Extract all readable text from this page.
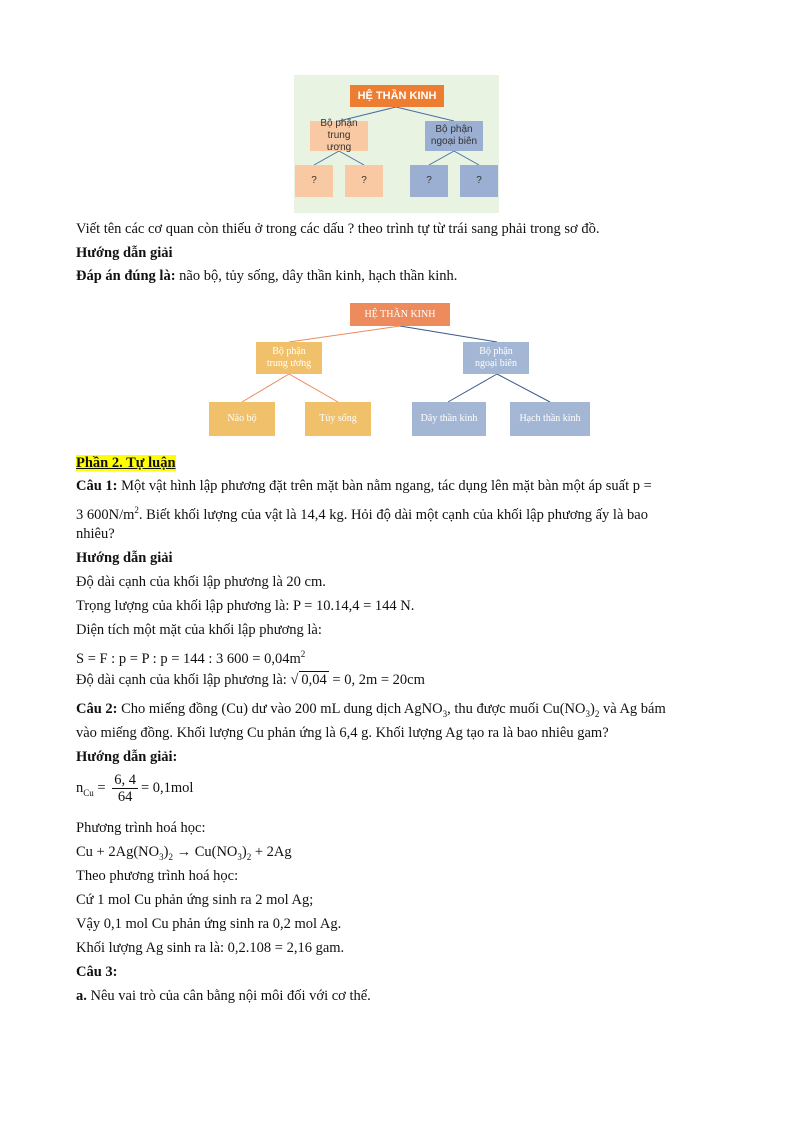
HỆ THẦN KINH
Bộ phận trung ương
Bộ phận ngoại biên
?	?	?	?
Viết tên các cơ quan còn thiếu ở trong các dấu ? theo trình tự từ trái sang phải trong sơ đồ.
Hướng dẫn giải
Đáp án đúng là: não bộ, tủy sống, dây thần kinh, hạch thần kinh.
HỆ THẦN KINH
Bộ phận trung ương
Bộ phận ngoại biên
Não bộ	Tủy sống	Dây thần kinh	Hạch thần kinh
Phần 2. Tự luận
Câu 1: Một vật hình lập phương đặt trên mặt bàn nằm ngang, tác dụng lên mặt bàn một áp suất p =
3 $600N/m^2$. Biết khối lượng của vật là 14,4 kg. Hỏi độ dài một cạnh của khối lập phương ấy là bao
nhiêu?
Hướng dẫn giải
Độ dài cạnh của khối lập phương là 20 cm.
Trọng lượng của khối lập phương là: P = 10.14,4 = 144 N.
Diện tích một mặt của khối lập phương là:
S = F : p = P : p = 144 : 3 $600 = 0,04m^2$
Độ dài cạnh của khối lập phương là: √ 0,04 = 0, 2m = 20cm
Câu 2: Cho miếng đồng (Cu) dư vào 200 mL dung dịch AgNO$_3$, thu được muối $Cu(NO_3)_2$ và Ag bám
vào miếng đồng. Khối lượng Cu phản ứng là 6,4 g. Khối lượng Ag tạo ra là bao nhiêu gam?
Hướng dẫn giải:
$n_{Cu} = \frac{6, 4}{64} = 0,1mol$
Phương trình hoá học:
$Cu + 2Ag(NO_3)_2 \to Cu(NO_3)_2 + 2Ag$
Theo phương trình hoá học:
Cứ 1 mol Cu phản ứng sinh ra 2 mol Ag;
Vậy 0,1 mol Cu phản ứng sinh ra 0,2 mol Ag.
Khối lượng Ag sinh ra là: 0,2.108 = 2,16 gam.
Câu 3:
a. Nêu vai trò của cân bằng nội môi đối với cơ thể.
